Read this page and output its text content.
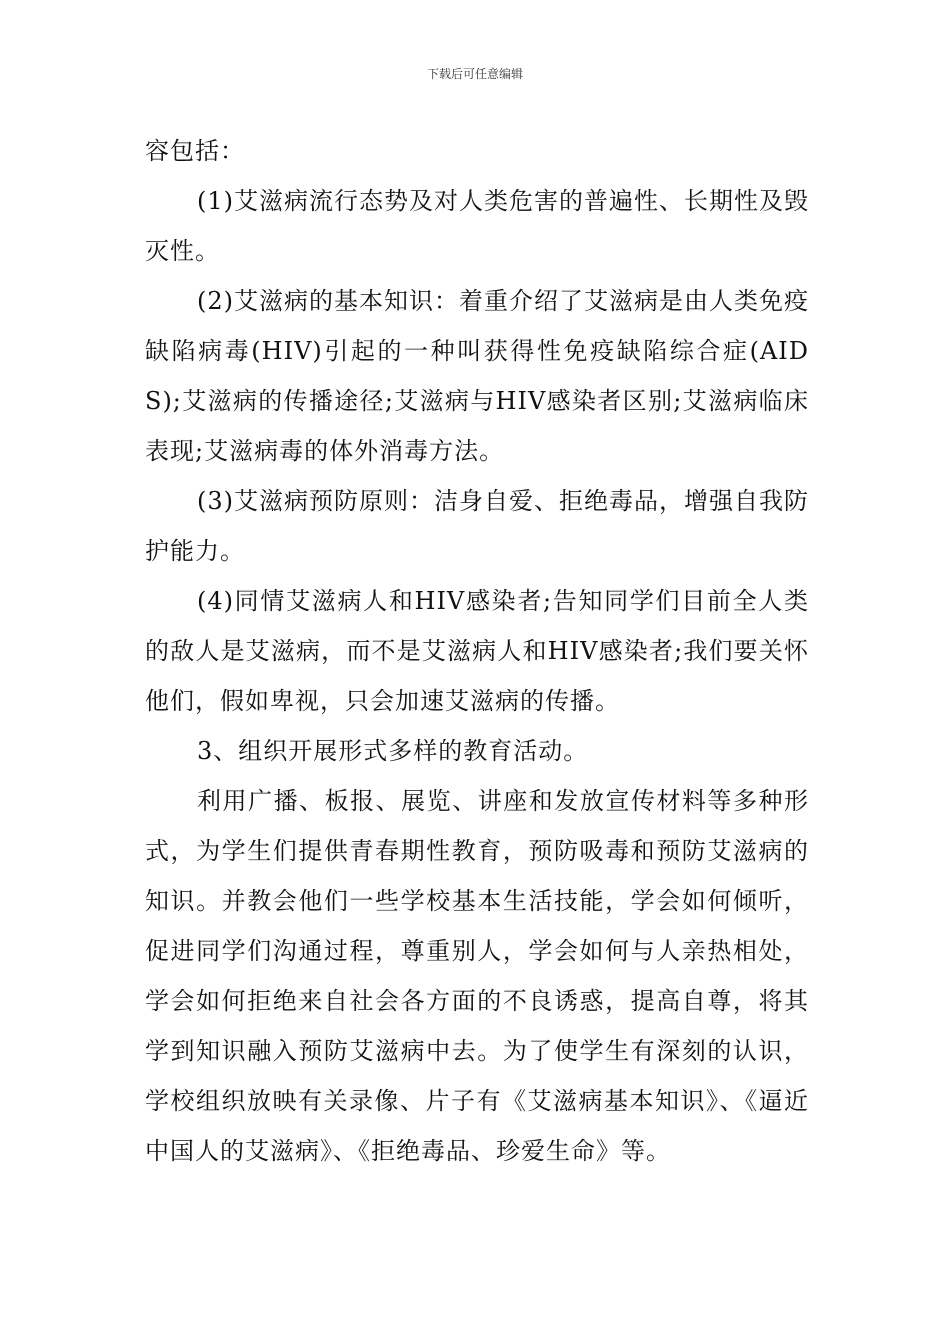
下载后可任意编辑

容包括：

(1)艾滋病流行态势及对人类危害的普遍性、长期性及毁灭性。

(2)艾滋病的基本知识：着重介绍了艾滋病是由人类免疫缺陷病毒(HIV)引起的一种叫获得性免疫缺陷综合症(AIDS);艾滋病的传播途径;艾滋病与HIV感染者区别;艾滋病临床表现;艾滋病毒的体外消毒方法。

(3)艾滋病预防原则：洁身自爱、拒绝毒品，增强自我防护能力。

(4)同情艾滋病人和HIV感染者;告知同学们目前全人类的敌人是艾滋病，而不是艾滋病人和HIV感染者;我们要关怀他们，假如卑视，只会加速艾滋病的传播。

3、组织开展形式多样的教育活动。

利用广播、板报、展览、讲座和发放宣传材料等多种形式，为学生们提供青春期性教育，预防吸毒和预防艾滋病的知识。并教会他们一些学校基本生活技能，学会如何倾听，促进同学们沟通过程，尊重别人，学会如何与人亲热相处，学会如何拒绝来自社会各方面的不良诱惑，提高自尊，将其学到知识融入预防艾滋病中去。为了使学生有深刻的认识，学校组织放映有关录像、片子有《艾滋病基本知识》、《逼近中国人的艾滋病》、《拒绝毒品、珍爱生命》等。
